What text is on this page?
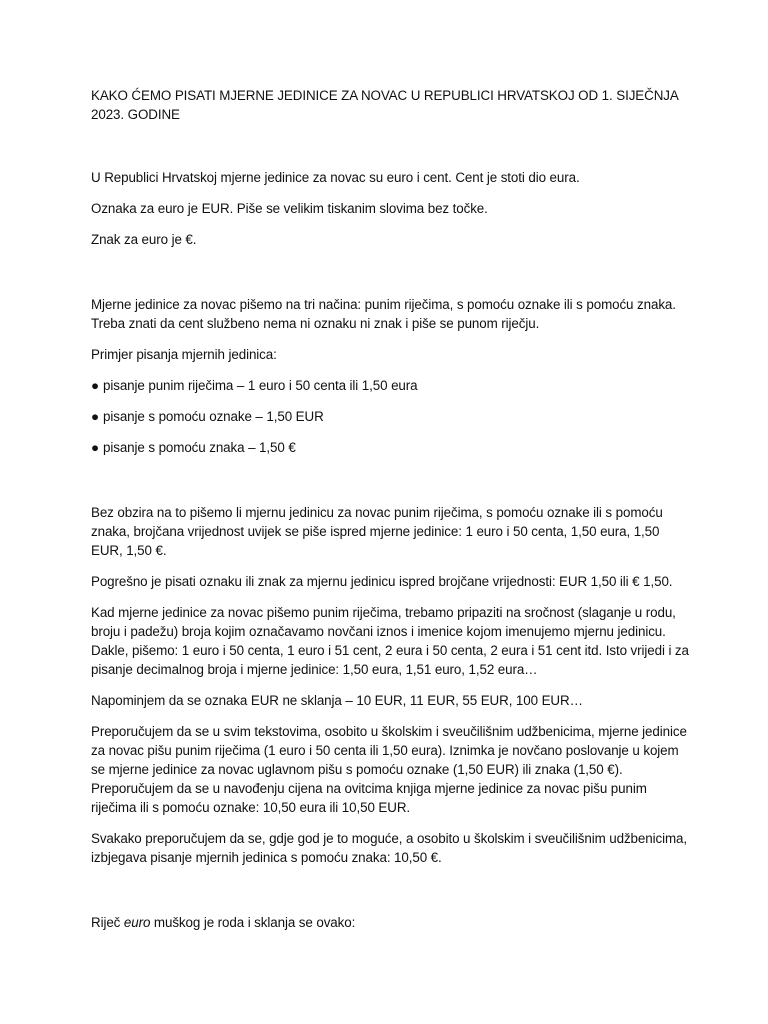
KAKO ĆEMO PISATI MJERNE JEDINICE ZA NOVAC U REPUBLICI HRVATSKOJ OD 1. SIJEČNJA 2023. GODINE

U Republici Hrvatskoj mjerne jedinice za novac su euro i cent. Cent je stoti dio eura.

Oznaka za euro je EUR. Piše se velikim tiskanim slovima bez točke.

Znak za euro je €.

Mjerne jedinice za novac pišemo na tri načina: punim riječima, s pomoću oznake ili s pomoću znaka. Treba znati da cent službeno nema ni oznaku ni znak i piše se punom riječju.

Primjer pisanja mjernih jedinica:

● pisanje punim riječima – 1 euro i 50 centa ili 1,50 eura

● pisanje s pomoću oznake – 1,50 EUR

● pisanje s pomoću znaka – 1,50 €

Bez obzira na to pišemo li mjernu jedinicu za novac punim riječima, s pomoću oznake ili s pomoću znaka, brojčana vrijednost uvijek se piše ispred mjerne jedinice: 1 euro i 50 centa, 1,50 eura, 1,50 EUR, 1,50 €.

Pogrešno je pisati oznaku ili znak za mjernu jedinicu ispred brojčane vrijednosti: EUR 1,50 ili € 1,50.

Kad mjerne jedinice za novac pišemo punim riječima, trebamo pripaziti na sročnost (slaganje u rodu, broju i padežu) broja kojim označavamo novčani iznos i imenice kojom imenujemo mjernu jedinicu. Dakle, pišemo: 1 euro i 50 centa, 1 euro i 51 cent, 2 eura i 50 centa, 2 eura i 51 cent itd. Isto vrijedi i za pisanje decimalnog broja i mjerne jedinice: 1,50 eura, 1,51 euro, 1,52 eura…

Napominjem da se oznaka EUR ne sklanja – 10 EUR, 11 EUR, 55 EUR, 100 EUR…

Preporučujem da se u svim tekstovima, osobito u školskim i sveučilišnim udžbenicima, mjerne jedinice za novac pišu punim riječima (1 euro i 50 centa ili 1,50 eura). Iznimka je novčano poslovanje u kojem se mjerne jedinice za novac uglavnom pišu s pomoću oznake (1,50 EUR) ili znaka (1,50 €). Preporučujem da se u navođenju cijena na ovitcima knjiga mjerne jedinice za novac pišu punim riječima ili s pomoću oznake: 10,50 eura ili 10,50 EUR.

Svakako preporučujem da se, gdje god je to moguće, a osobito u školskim i sveučilišnim udžbenicima, izbjegava pisanje mjernih jedinica s pomoću znaka: 10,50 €.

Riječ euro muškog je roda i sklanja se ovako:
